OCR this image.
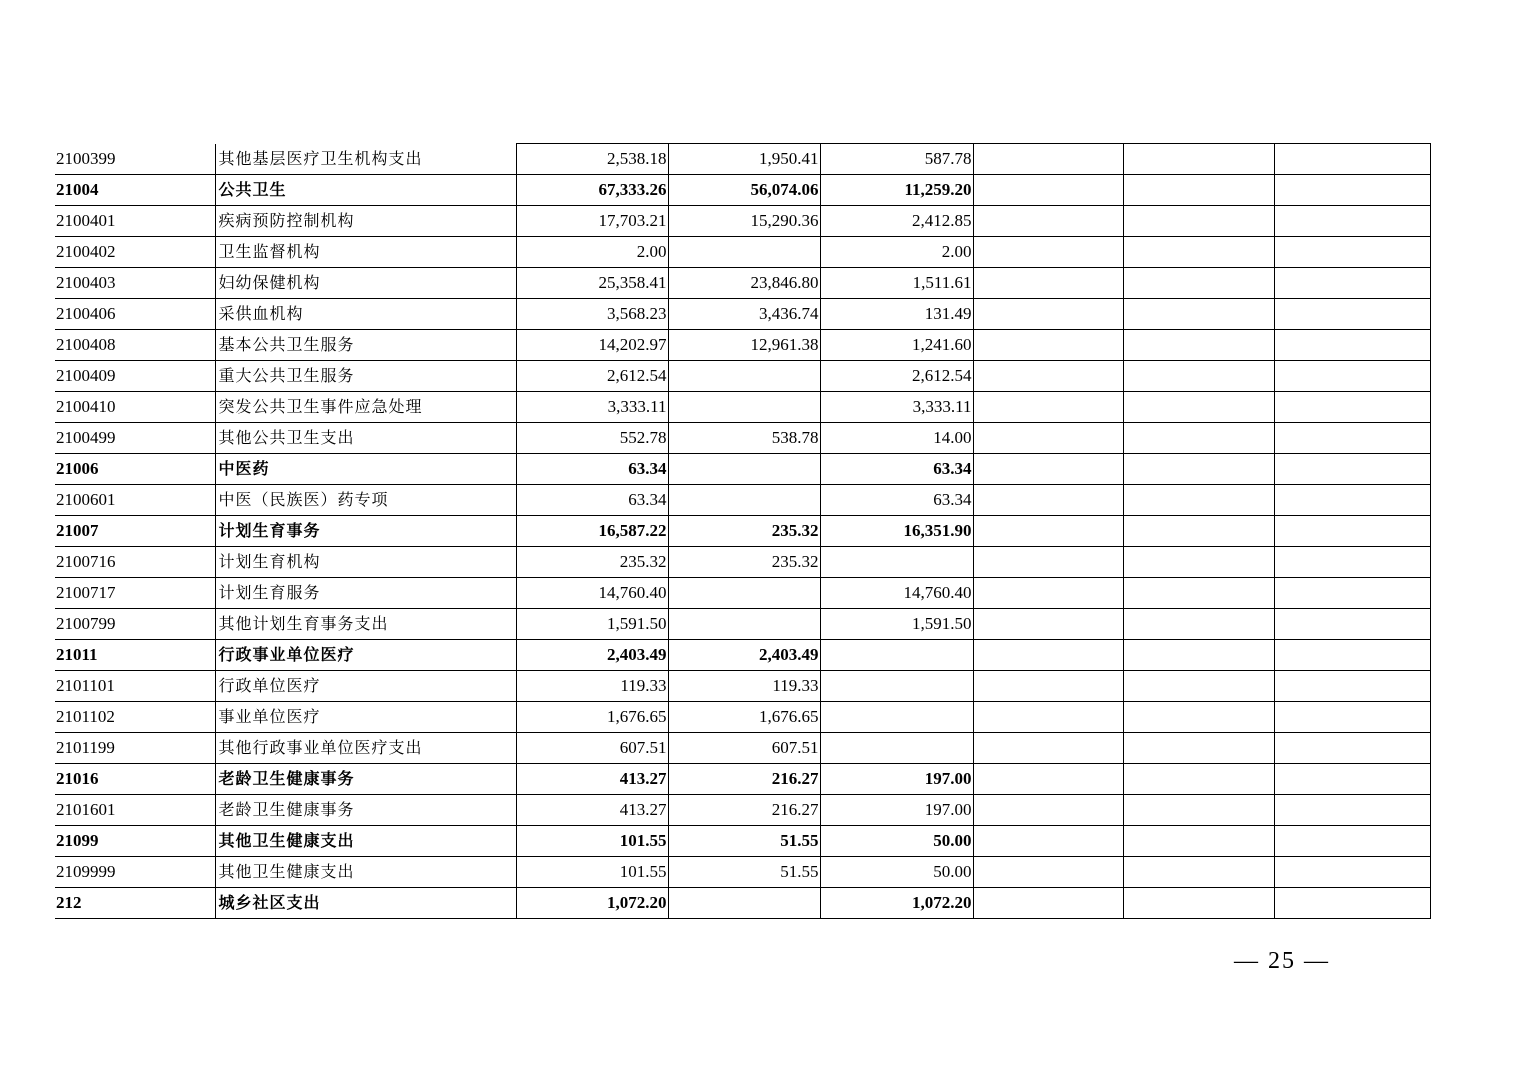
2100399	其他基层医疗卫生机构支出	2,538.18	1,950.41	587.78			
21004	公共卫生	67,333.26	56,074.06	11,259.20			
2100401	疾病预防控制机构	17,703.21	15,290.36	2,412.85			
2100402	卫生监督机构	2.00		2.00			
2100403	妇幼保健机构	25,358.41	23,846.80	1,511.61			
2100406	采供血机构	3,568.23	3,436.74	131.49			
2100408	基本公共卫生服务	14,202.97	12,961.38	1,241.60			
2100409	重大公共卫生服务	2,612.54		2,612.54			
2100410	突发公共卫生事件应急处理	3,333.11		3,333.11			
2100499	其他公共卫生支出	552.78	538.78	14.00			
21006	中医药	63.34		63.34			
2100601	中医（民族医）药专项	63.34		63.34			
21007	计划生育事务	16,587.22	235.32	16,351.90			
2100716	计划生育机构	235.32	235.32				
2100717	计划生育服务	14,760.40		14,760.40			
2100799	其他计划生育事务支出	1,591.50		1,591.50			
21011	行政事业单位医疗	2,403.49	2,403.49				
2101101	行政单位医疗	119.33	119.33				
2101102	事业单位医疗	1,676.65	1,676.65				
2101199	其他行政事业单位医疗支出	607.51	607.51				
21016	老龄卫生健康事务	413.27	216.27	197.00			
2101601	老龄卫生健康事务	413.27	216.27	197.00			
21099	其他卫生健康支出	101.55	51.55	50.00			
2109999	其他卫生健康支出	101.55	51.55	50.00			
212	城乡社区支出	1,072.20		1,072.20			
— 25 —
